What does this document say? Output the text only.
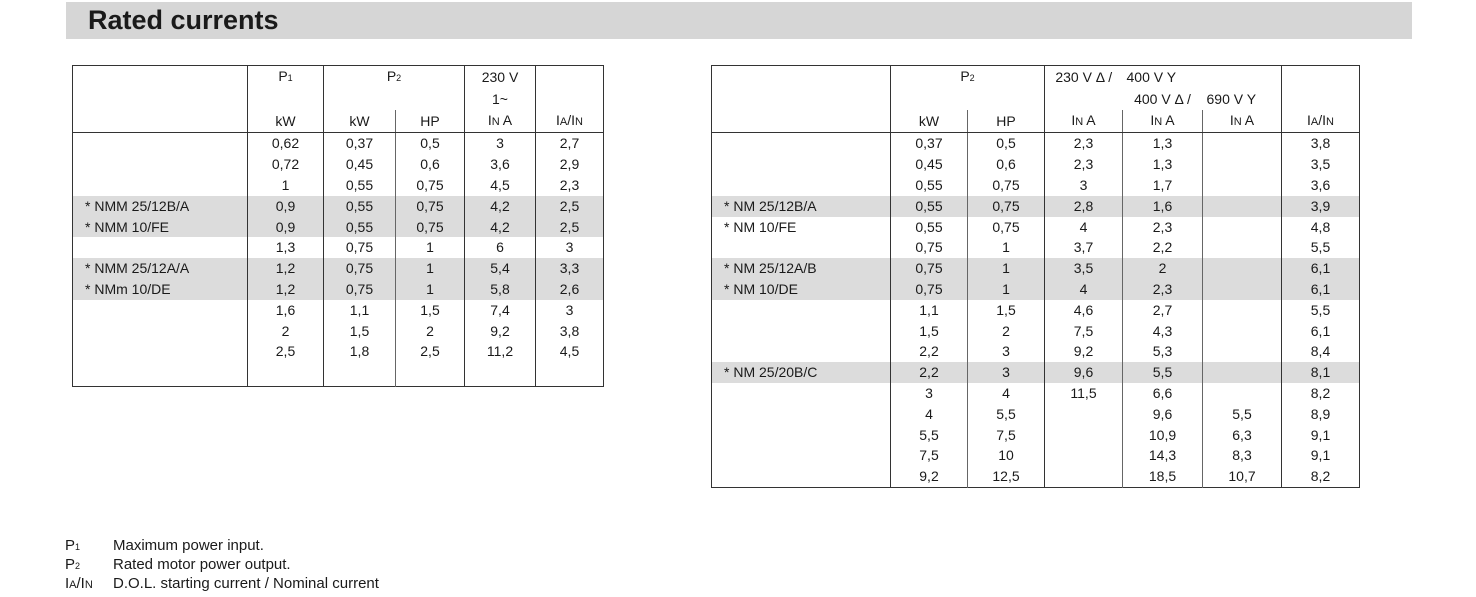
Rated currents
	P1	P2		230 V	
				1~	
	kW	kW	HP	IN A	IA/IN
	0,62	0,37	0,5	3	2,7
	0,72	0,45	0,6	3,6	2,9
	1	0,55	0,75	4,5	2,3
* NMM 25/12B/A	0,9	0,55	0,75	4,2	2,5
* NMM 10/FE	0,9	0,55	0,75	4,2	2,5
	1,3	0,75	1	6	3
* NMM 25/12A/A	1,2	0,75	1	5,4	3,3
* NMm 10/DE	1,2	0,75	1	5,8	2,6
	1,6	1,1	1,5	7,4	3
	2	1,5	2	9,2	3,8
	2,5	1,8	2,5	11,2	4,5

	P2		230 V Δ /	400 V Y		
				400 V Δ /	690 V Y	
	kW	HP	IN A	IN A	IN A	IA/IN
	0,37	0,5	2,3	1,3		3,8
	0,45	0,6	2,3	1,3		3,5
	0,55	0,75	3	1,7		3,6
* NM 25/12B/A	0,55	0,75	2,8	1,6		3,9
* NM 10/FE	0,55	0,75	4	2,3		4,8
	0,75	1	3,7	2,2		5,5
* NM 25/12A/B	0,75	1	3,5	2		6,1
* NM 10/DE	0,75	1	4	2,3		6,1
	1,1	1,5	4,6	2,7		5,5
	1,5	2	7,5	4,3		6,1
	2,2	3	9,2	5,3		8,4
* NM 25/20B/C	2,2	3	9,6	5,5		8,1
	3	4	11,5	6,6		8,2
	4	5,5		9,6	5,5	8,9
	5,5	7,5		10,9	6,3	9,1
	7,5	10		14,3	8,3	9,1
	9,2	12,5		18,5	10,7	8,2
P1	Maximum power input.
P2	Rated motor power output.
IA/IN	D.O.L. starting current / Nominal current
